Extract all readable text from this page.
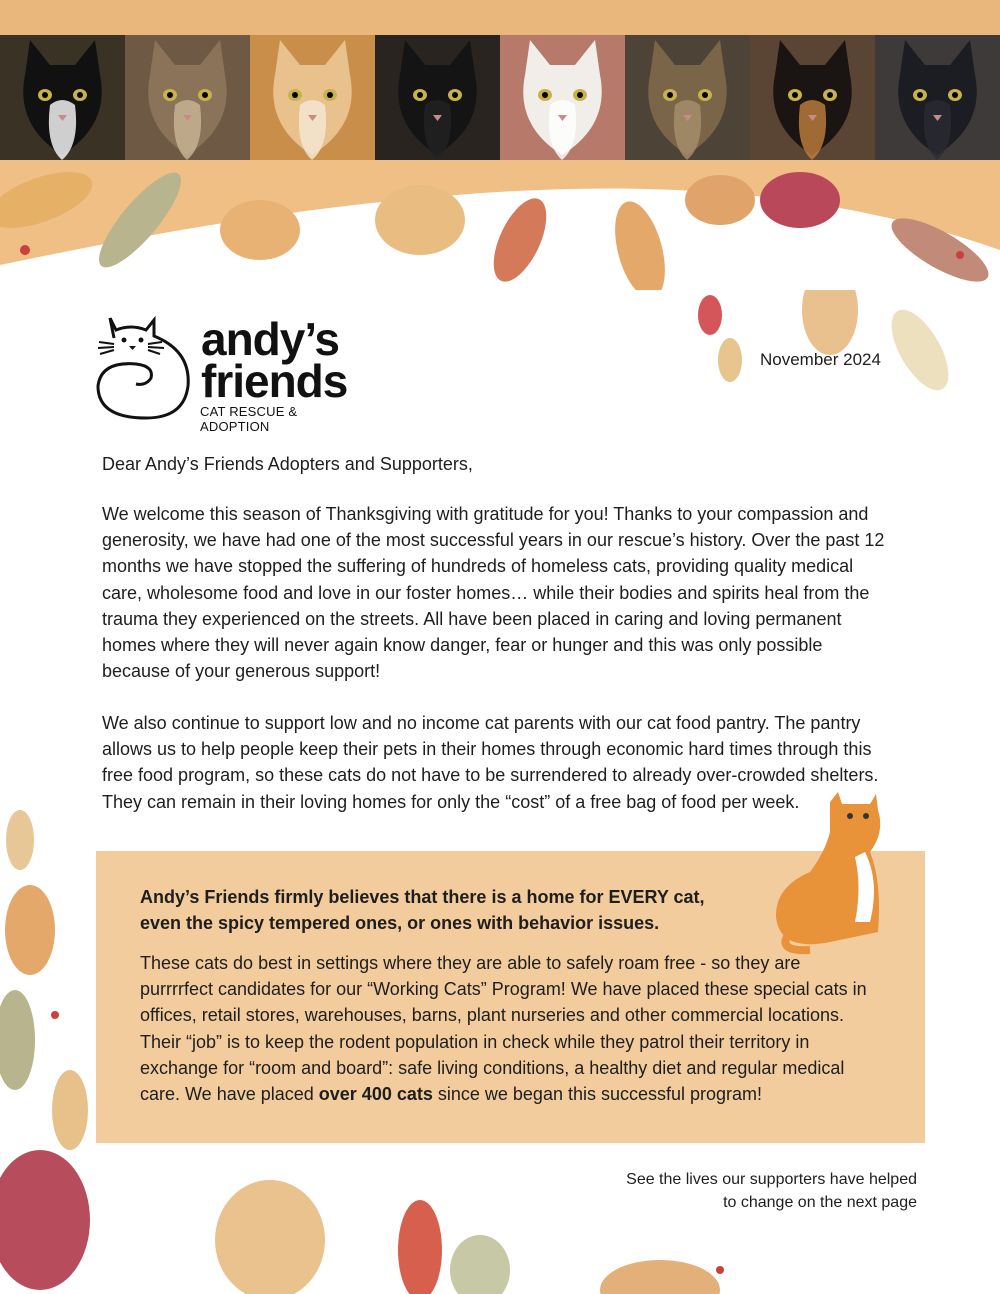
andy’s
friends
CAT RESCUE & ADOPTION
November 2024
Dear Andy’s Friends Adopters and Supporters,
We welcome this season of Thanksgiving with gratitude for you! Thanks to your compassion and
generosity, we have had one of the most successful years in our rescue’s history. Over the past 12
months we have stopped the suffering of hundreds of homeless cats, providing quality medical
care, wholesome food and love in our foster homes… while their bodies and spirits heal from the
trauma they experienced on the streets. All have been placed in caring and loving permanent
homes where they will never again know danger, fear or hunger and this was only possible
because of your generous support!
We also continue to support low and no income cat parents with our cat food pantry. The pantry
allows us to help people keep their pets in their homes through economic hard times through this
free food program, so these cats do not have to be surrendered to already over-crowded shelters.
They can remain in their loving homes for only the “cost” of a free bag of food per week.
Andy’s Friends firmly believes that there is a home for EVERY cat,
even the spicy tempered ones, or ones with behavior issues.
These cats do best in settings where they are able to safely roam free - so they are
purrrrfect candidates for our “Working Cats” Program! We have placed these special cats in
offices, retail stores, warehouses, barns, plant nurseries and other commercial locations.
Their “job” is to keep the rodent population in check while they patrol their territory in
exchange for “room and board”: safe living conditions, a healthy diet and regular medical
care. We have placed over 400 cats since we began this successful program!
See the lives our supporters have helped
to change on the next page
